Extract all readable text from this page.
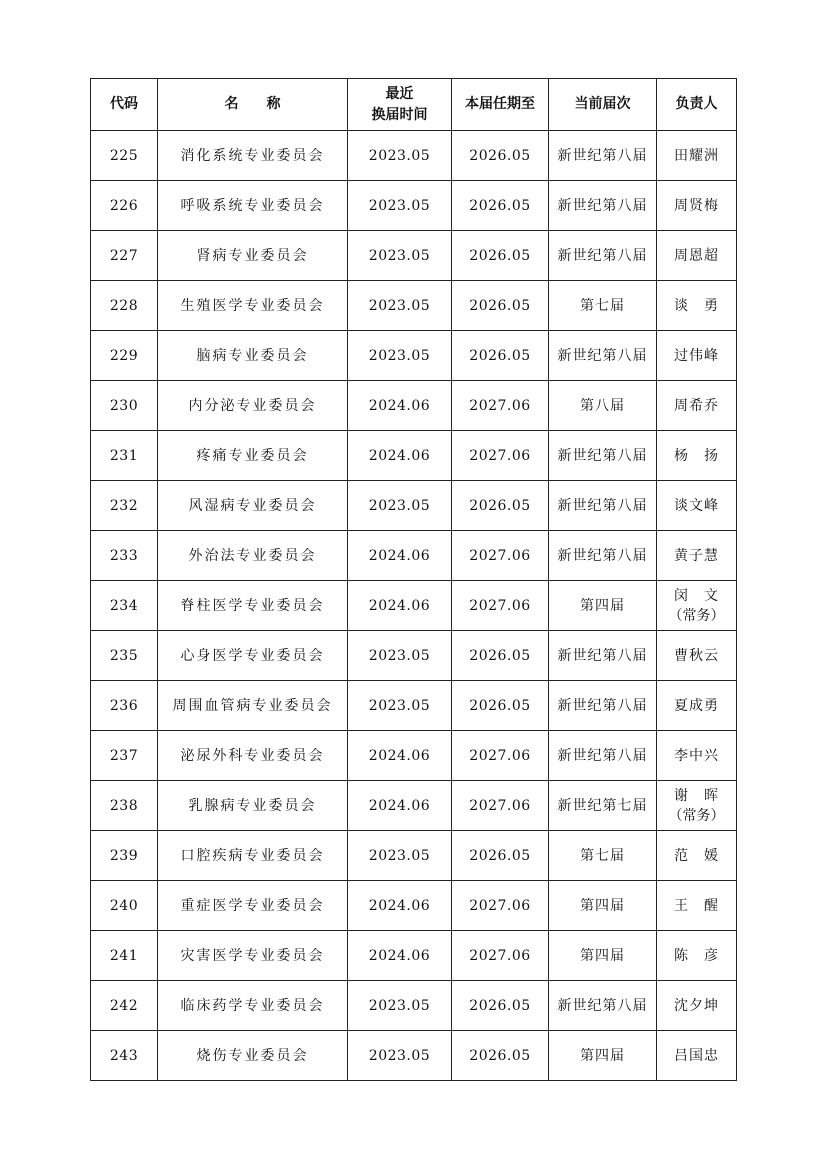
代码	名　　称	最近
换届时间	本届任期至	当前届次	负责人
225	消化系统专业委员会	2023.05	2026.05	新世纪第八届	田耀洲

226	呼吸系统专业委员会	2023.05	2026.05	新世纪第八届	周贤梅

227	肾病专业委员会	2023.05	2026.05	新世纪第八届	周恩超

228	生殖医学专业委员会	2023.05	2026.05	第七届	谈　勇

229	脑病专业委员会	2023.05	2026.05	新世纪第八届	过伟峰

230	内分泌专业委员会	2024.06	2027.06	第八届	周希乔

231	疼痛专业委员会	2024.06	2027.06	新世纪第八届	杨　扬

232	风湿病专业委员会	2023.05	2026.05	新世纪第八届	谈文峰

233	外治法专业委员会	2024.06	2027.06	新世纪第八届	黄子慧

234	脊柱医学专业委员会	2024.06	2027.06	第四届	闵　文
（常务）

235	心身医学专业委员会	2023.05	2026.05	新世纪第八届	曹秋云

236	周围血管病专业委员会	2023.05	2026.05	新世纪第八届	夏成勇

237	泌尿外科专业委员会	2024.06	2027.06	新世纪第八届	李中兴

238	乳腺病专业委员会	2024.06	2027.06	新世纪第七届	谢　晖
（常务）

239	口腔疾病专业委员会	2023.05	2026.05	第七届	范　媛

240	重症医学专业委员会	2024.06	2027.06	第四届	王　醒

241	灾害医学专业委员会	2024.06	2027.06	第四届	陈　彦

242	临床药学专业委员会	2023.05	2026.05	新世纪第八届	沈夕坤

243	烧伤专业委员会	2023.05	2026.05	第四届	吕国忠
